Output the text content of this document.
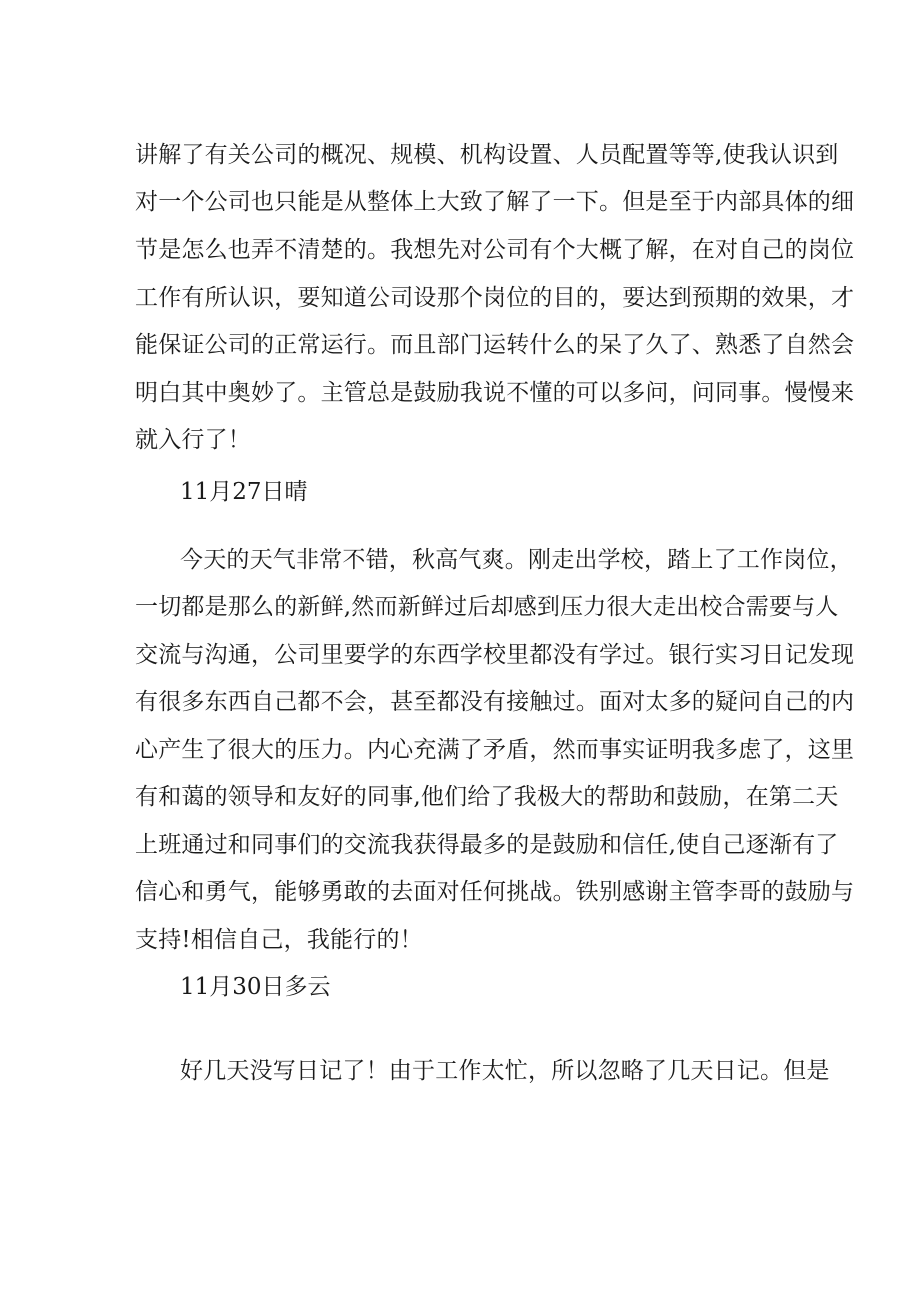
讲解了有关公司的概况、规模、机构设置、人员配置等等,使我认识到
对一个公司也只能是从整体上大致了解了一下。但是至于内部具体的细
节是怎么也弄不清楚的。我想先对公司有个大概了解，在对自己的岗位
工作有所认识，要知道公司设那个岗位的目的，要达到预期的效果，才
能保证公司的正常运行。而且部门运转什么的呆了久了、熟悉了自然会
明白其中奥妙了。主管总是鼓励我说不懂的可以多问，问同事。慢慢来
就入行了！
11月27日晴
今天的天气非常不错，秋高气爽。刚走出学校，踏上了工作岗位，
一切都是那么的新鲜,然而新鲜过后却感到压力很大走出校合需要与人
交流与沟通，公司里要学的东西学校里都没有学过。银行实习日记发现
有很多东西自己都不会，甚至都没有接触过。面对太多的疑问自己的内
心产生了很大的压力。内心充满了矛盾，然而事实证明我多虑了，这里
有和蔼的领导和友好的同事,他们给了我极大的帮助和鼓励，在第二天
上班通过和同事们的交流我获得最多的是鼓励和信任,使自己逐渐有了
信心和勇气，能够勇敢的去面对任何挑战。铁别感谢主管李哥的鼓励与
支持!相信自己，我能行的！
11月30日多云
好几天没写日记了！由于工作太忙，所以忽略了几天日记。但是
